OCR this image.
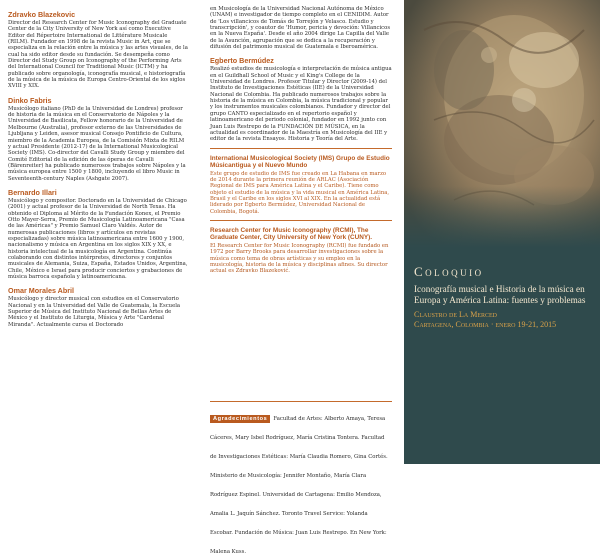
Zdravko Blazekovic

Director del Research Center for Music Iconography del Graduate Center de la City University of New York así como Executive Editor del Répertoire International de Littérature Musicale (RILM). Fundador en 1998 de la revista Music in Art, que se especializa en la relación entre la música y las artes visuales, de la cual ha sido editor desde su fundación. Se desempeña como Director del Study Group on Iconography of the Performing Arts del International Council for Traditional Music (ICTM) y ha publicado sobre organología, iconografía musical, e historiografía de la música de la música de Europa Centro-Oriental de los siglos XVIII y XIX.

Dinko Fabris

Musicólogo italiano (PhD de la Universidad de Londres) profesor de historia de la música en el Conservatorio de Nápoles y la Universidad de Basilicata, Fellow honorario de la Universidad de Melbourne (Australia), profesor externo de las Universidades de Ljubljana y Leiden, asesor musical Consejo Pontificio de Cultura, miembro de la Academia Europea, de la Comisión Mixta de RILM y actual Presidente (2012-17) de la International Musicological Society (IMS). Co-director del Cavalli Study Group y miembro del Comité Editorial de la edición de las óperas de Cavalli (Bärenreiter) ha publicado numerosos trabajos sobre Nápoles y la música europea entre 1500 y 1800, incluyendo el libro Music in Seventeenth-century Naples (Ashgate 2007).

Bernardo Illari

Musicólogo y compositor. Doctorado en la Universidad de Chicago (2001) y actual profesor de la Universidad de North Texas. Ha obtenido el Diploma al Mérito de la Fundación Konex, el Premio Otto Mayer-Serra, Premio de Musicología Latinoamericana "Casa de las Américas" y Premio Samuel Claro Valdés. Autor de numerosas publicaciones (libros y artículos en revistas especializadas) sobre música latinoamericana entre 1600 y 1900, nacionalismo y música en Argentina en los siglos XIX y XX, e historia intelectual de la musicología en Argentina. Continúa colaborando con distintos intérpretes, directores y conjuntos musicales de Alemania, Suiza, España, Estados Unidos, Argentina, Chile, México e Israel para producir conciertos y grabaciones de música barroca española y latinoamericana.

Omar Morales Abril

Musicólogo y director musical con estudios en el Conservatorio Nacional y en la Universidad del Valle de Guatemala, la Escuela Superior de Música del Instituto Nacional de Bellas Artes de México y el Instituto de Liturgia, Música y Arte "Cardenal Miranda". Actualmente cursa el Doctorado

en Musicología de la Universidad Nacional Autónoma de México (UNAM) e investigador de tiempo completo en el CENIDIM. Autor de 'Los villancicos de Tomás de Torrejón y Velasco. Estudio y transcripción', y coautor de 'Humor, pericia y devoción: Villancicos en la Nueva España'. Desde el año 2004 dirige La Capilla del Valle de la Asunción, agrupación que se dedica a la recuperación y difusión del patrimonio musical de Guatemala e Iberoamérica.

Egberto Bermúdez

Realizó estudios de musicología e interpretación de música antigua en el Guildhall School of Music y el King's College de la Universidad de Londres. Profesor Titular y Director (2009-14) del Instituto de Investigaciones Estéticas (IIE) de la Universidad Nacional de Colombia. Ha publicado numerosos trabajos sobre la historia de la música en Colombia, la música tradicional y popular y los instrumentos musicales colombianos. Fundador y director del grupo CANTO especializado en el repertorio español y latinoamericano del periodo colonial, fundador en 1992 junto con Juan Luis Restrepo de la FUNDACIÓN DE MÚSICA, en la actualidad es coordinador de la Maestría en Musicología del IIE y editor de la revista Ensayos. Historia y Teoría del Arte.

International Musicological Society (IMS) Grupo de Estudio Músicantigua y el Nuevo Mundo

Este grupo de estudio de IMS fue creado en La Habana en marzo de 2014 durante la primera reunión de ARLAC (Asociación Regional de IMS para América Latina y el Caribe). Tiene como objeto el estudio de la música y la vida musical en América Latina, Brasil y el Caribe en los siglos XVI al XIX. En la actualidad está liderado por Egberto Bermúdez, Universidad Nacional de Colombia, Bogotá.

Research Center for Music Iconography (RCMI), The Graduate Center, City University of New York (CUNY).

El Research Center for Music Iconography (RCMI) fue fundado en 1972 por Barry Brooks para desarrollar investigaciones sobre la música como tema de obras artísticas y su empleo en la musicología, historia de la música y disciplinas afines. Su director actual es Zdravko Blazeković.

Agradecimientos Facultad de Artes: Alberto Amaya, Teresa Cáceres, Mary Isbel Rodríguez, María Cristina Tontera. Facultad de Investigaciones Estéticas: María Claudia Romero, Gina Cortés. Ministerio de Musicología: Jennifer Montaño, María Clara Rodríguez Espinel. Universidad de Cartagena: Emilio Mendoza, Amalia L. Jaquín Sánchez. Toronto Travel Service: Yolanda Escobar. Fundación de Música: Juan Luis Restrepo. En New York: Malena Kuss.
Coloquio
Iconografía musical e Historia de la música en Europa y América Latina: fuentes y problemas
Claustro de La Merced
Cartagena, Colombia · enero 19-21, 2015
